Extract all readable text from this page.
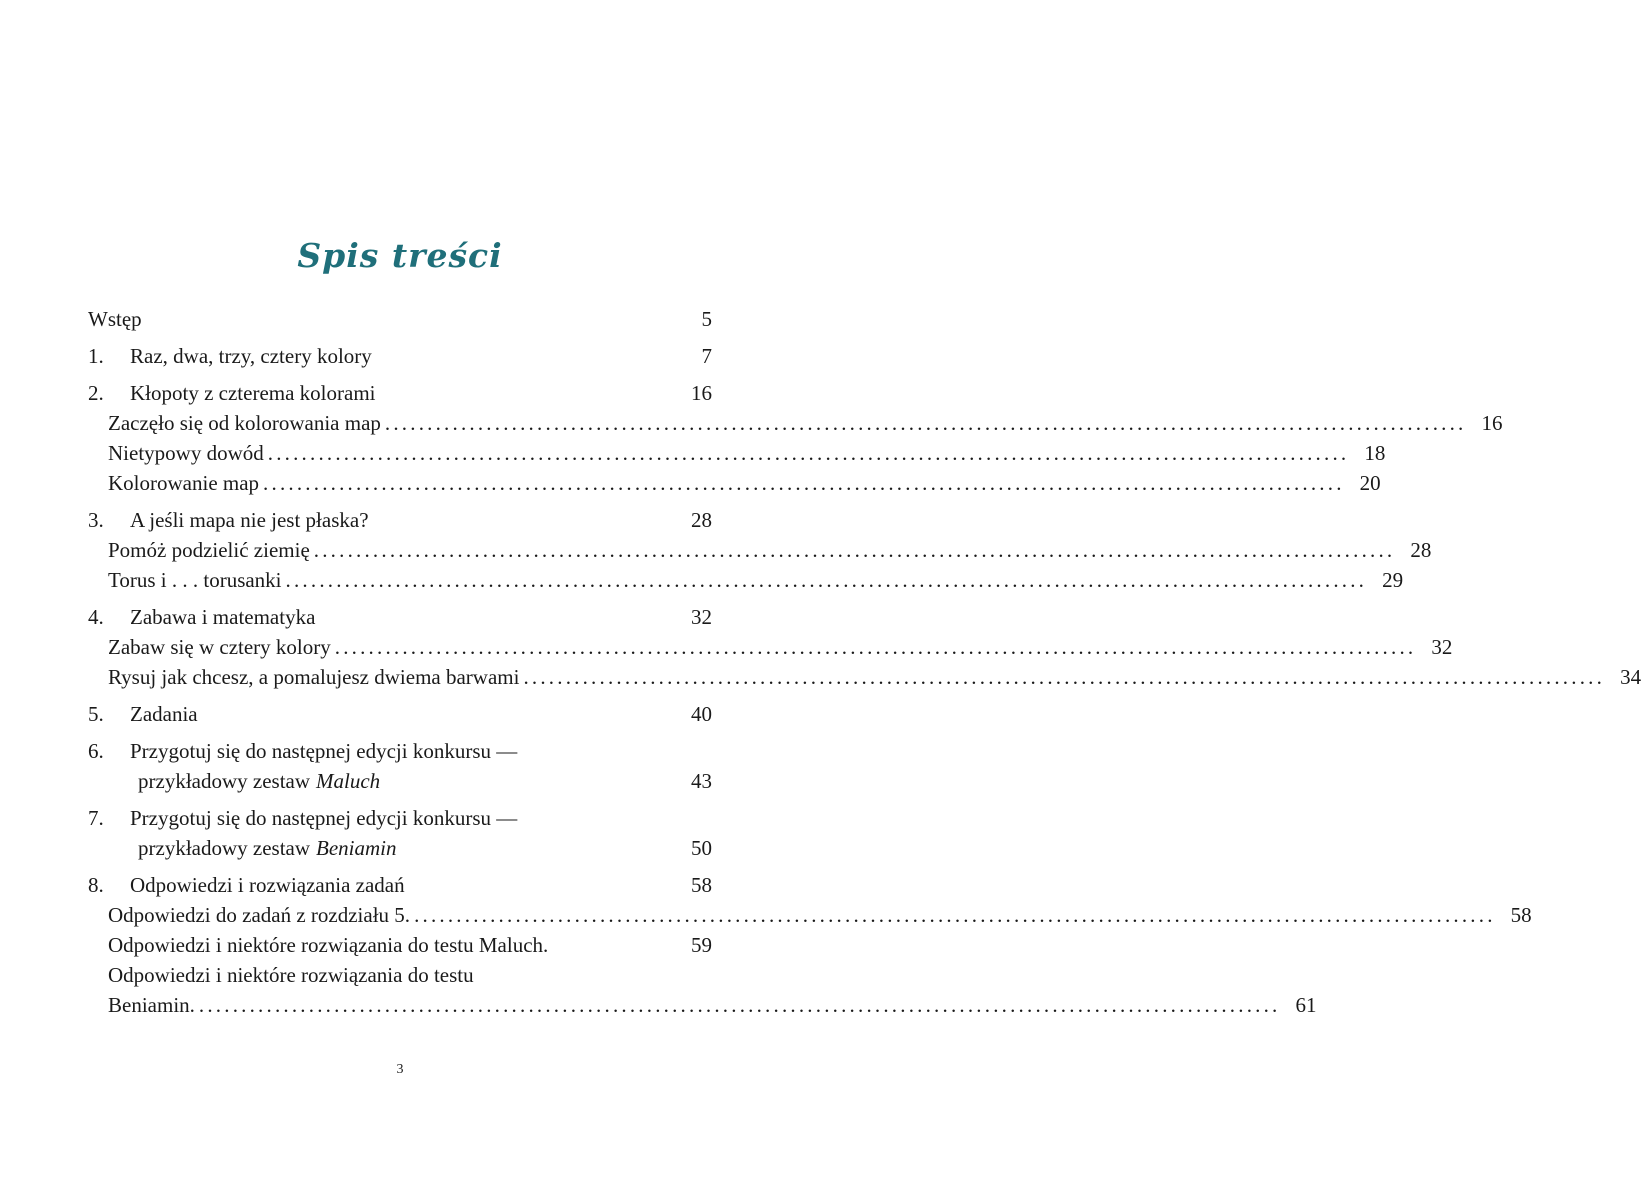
Spis treści
Wstęp	5
1.	Raz, dwa, trzy, cztery kolory	7
2.	Kłopoty z czterema kolorami	16
Zaczęło się od kolorowania map ................................................................................................................................ 16
Nietypowy dowód ................................................................................................................................ 18
Kolorowanie map ................................................................................................................................ 20
3.	A jeśli mapa nie jest płaska?	28
Pomóż podzielić ziemię ................................................................................................................................ 28
Torus i . . . torusanki ................................................................................................................................ 29
4.	Zabawa i matematyka	32
Zabaw się w cztery kolory ................................................................................................................................ 32
Rysuj jak chcesz, a pomalujesz dwiema barwami ................................................................................................................................ 34
5.	Zadania	40
6.	Przygotuj się do następnej edycji konkursu —
przykładowy zestaw Maluch	43
7.	Przygotuj się do następnej edycji konkursu —
przykładowy zestaw Beniamin	50
8.	Odpowiedzi i rozwiązania zadań	58
Odpowiedzi do zadań z rozdziału 5. ................................................................................................................................ 58
Odpowiedzi i niektóre rozwiązania do testu Maluch.	59
Odpowiedzi i niektóre rozwiązania do testu
Beniamin. ................................................................................................................................ 61
3
